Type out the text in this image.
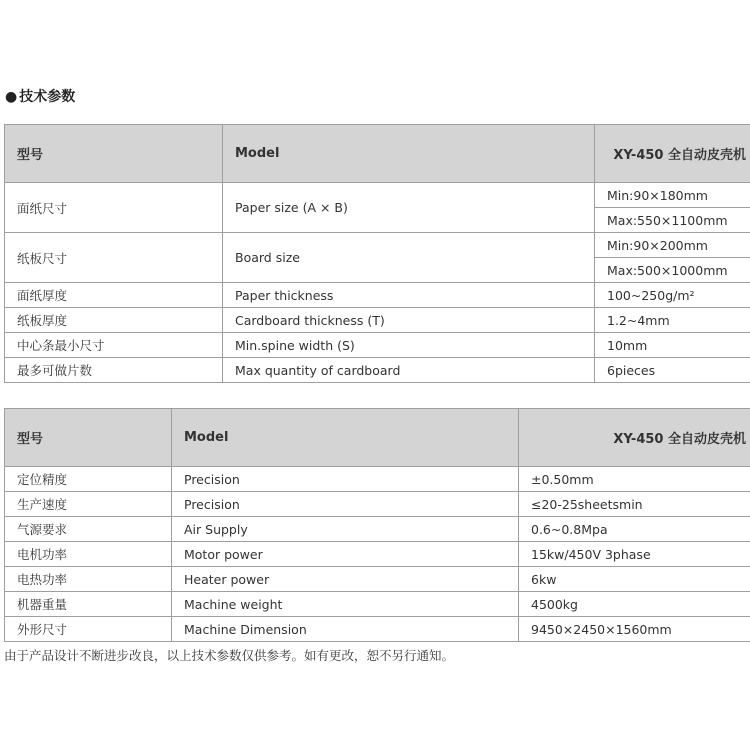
● 技术参数
型号	Model	XY-450 全自动皮壳机
面纸尺寸	Paper size (A × B)	Min:90×180mm
		Max:550×1100mm
纸板尺寸	Board size	Min:90×200mm
		Max:500×1000mm
面纸厚度	Paper thickness	100~250g/m²
纸板厚度	Cardboard thickness (T)	1.2~4mm
中心条最小尺寸	Min.spine width (S)	10mm
最多可做片数	Max quantity of cardboard	6pieces
型号	Model	XY-450 全自动皮壳机
定位精度	Precision	±0.50mm
生产速度	Precision	≤20-25sheetsmin
气源要求	Air Supply	0.6~0.8Mpa
电机功率	Motor power	15kw/450V 3phase
电热功率	Heater power	6kw
机器重量	Machine weight	4500kg
外形尺寸	Machine Dimension	9450×2450×1560mm
由于产品设计不断进步改良，以上技术参数仅供参考。如有更改，恕不另行通知。
